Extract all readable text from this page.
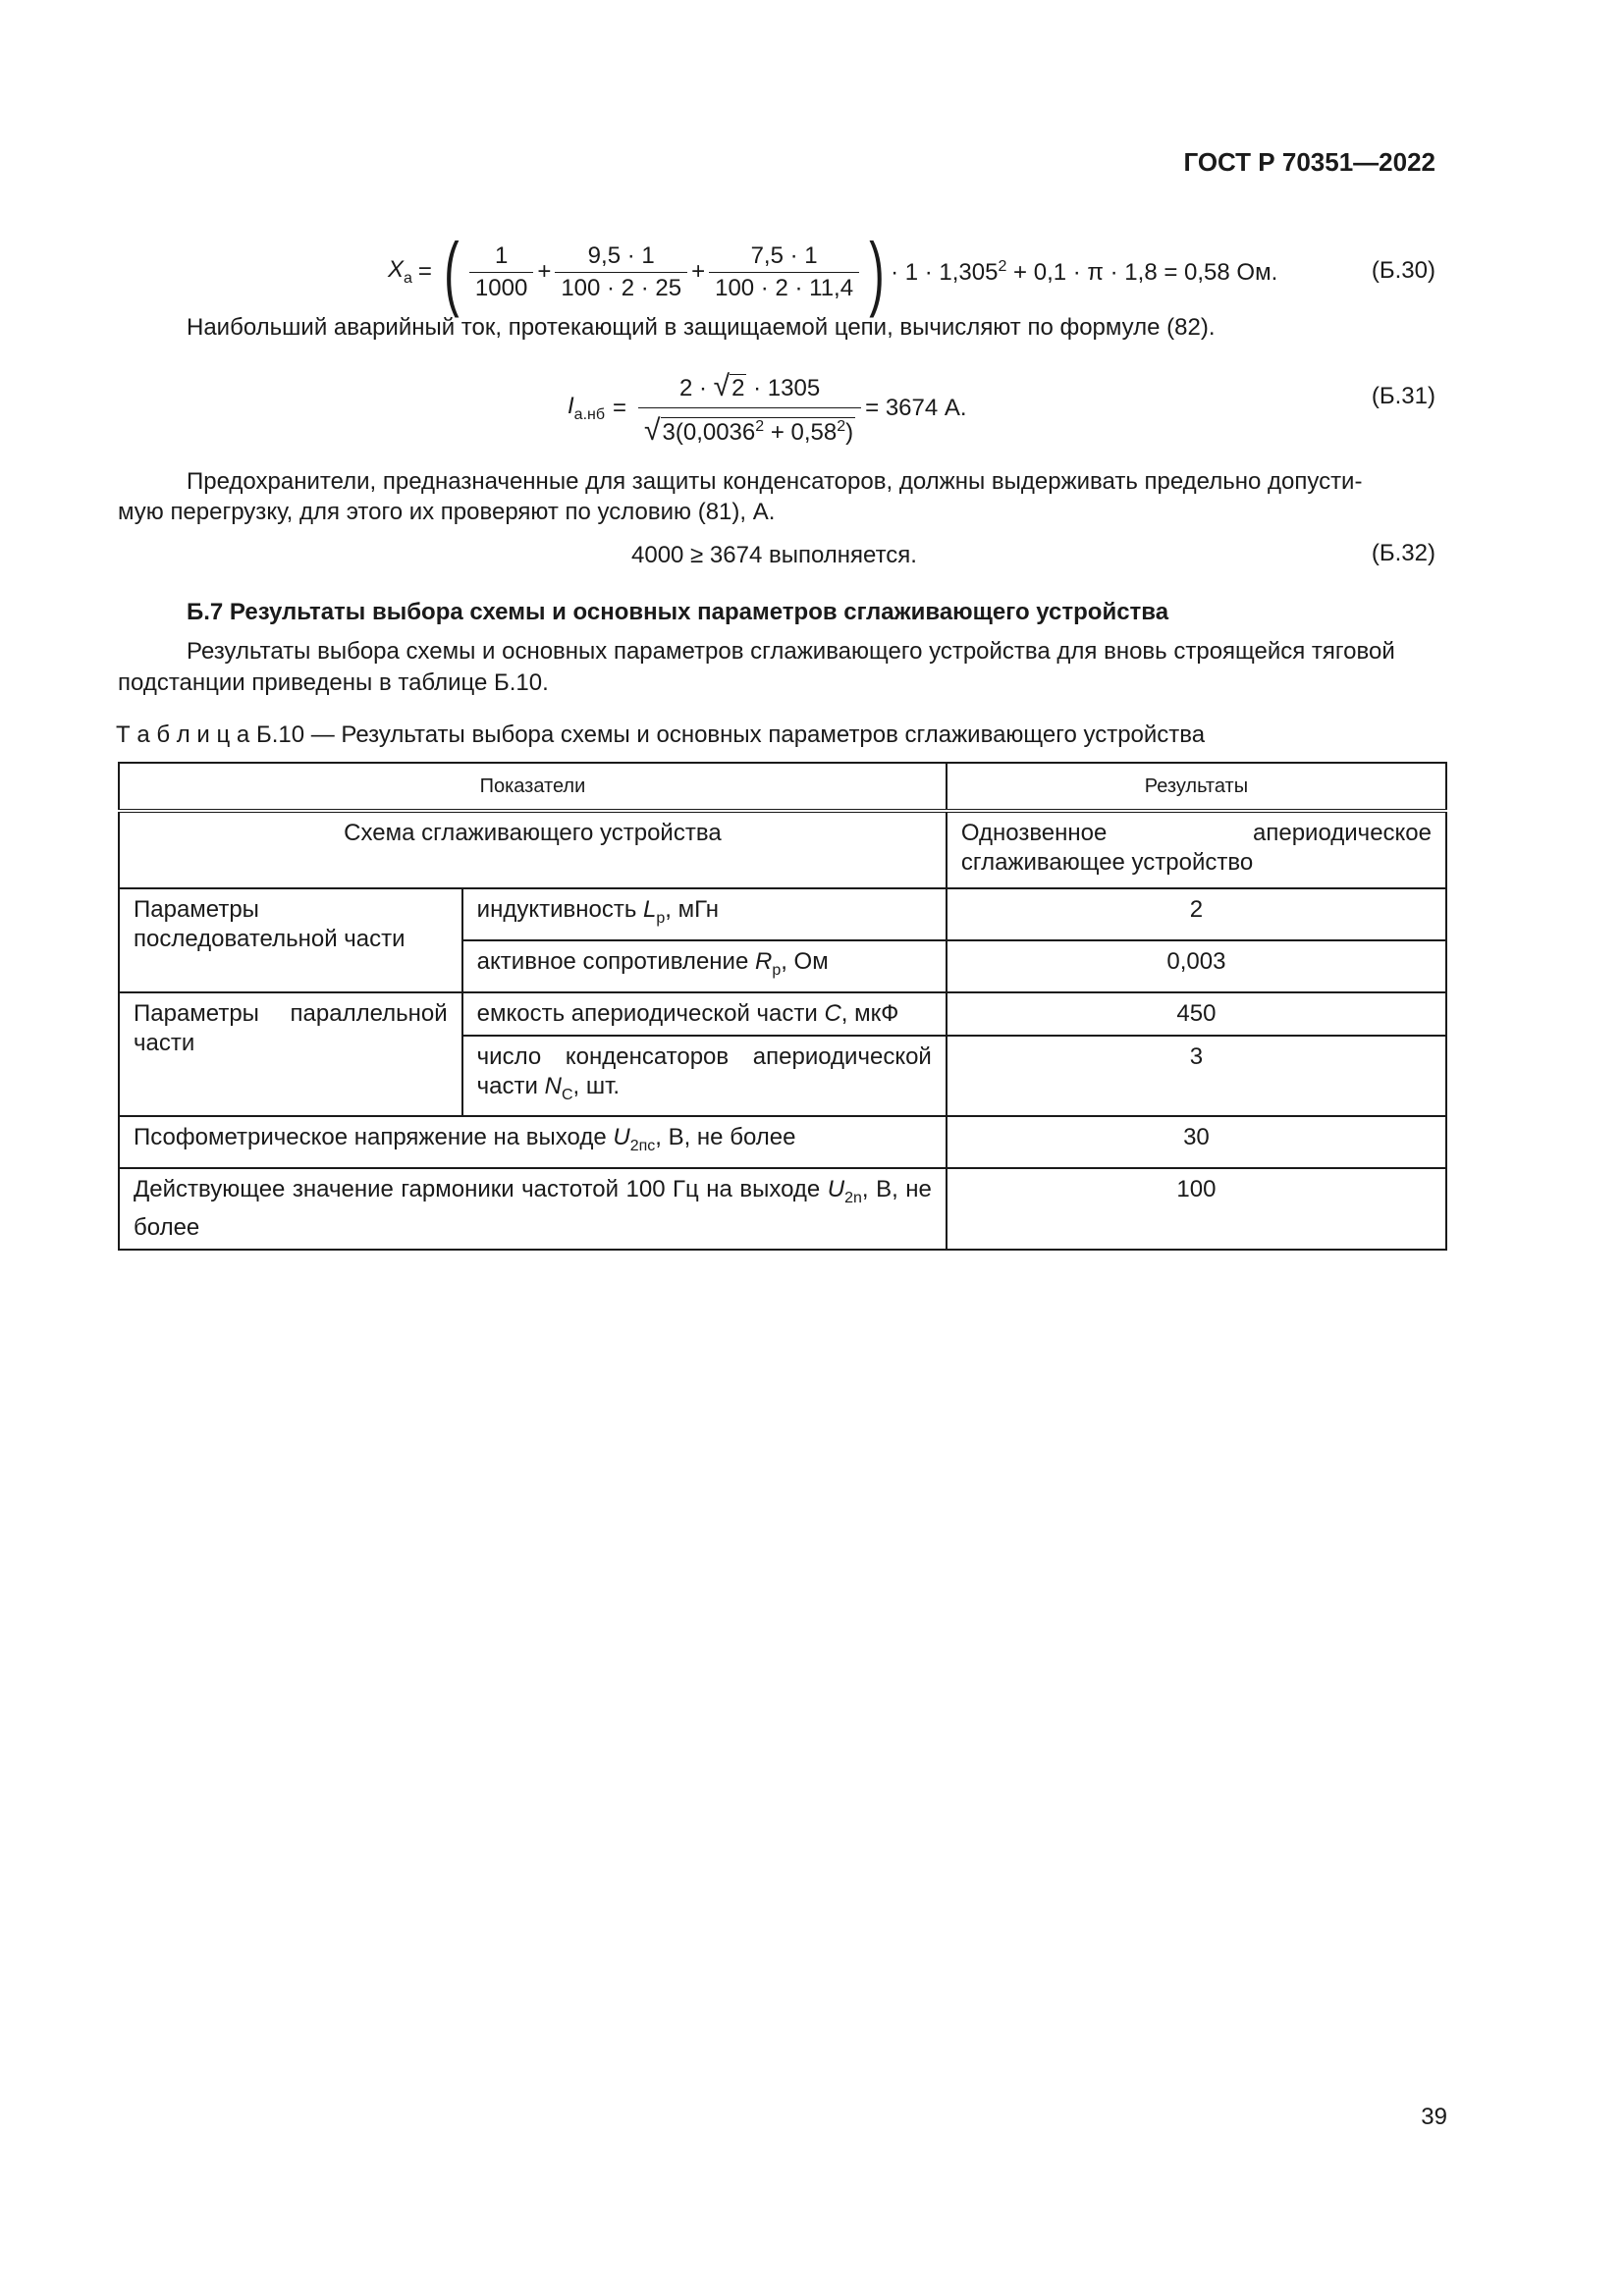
ГОСТ Р 70351—2022
$X_а$ = ( $\frac{1}{1000} + \frac{9,5 \cdot 1}{100 \cdot 2 \cdot 25} + \frac{7,5 \cdot 1}{100 \cdot 2 \cdot 11,4}$ ) · $1 \cdot 1,305^2 + 0,1 \cdot \pi \cdot 1,8 = 0,58$ Ом.	(Б.30)
Наибольший аварийный ток, протекающий в защищаемой цепи, вычисляют по формуле (82).
$I_{а.нб} = \frac{2 \cdot √2 \cdot 1305}{√3(0,0036^2 + 0,58^2)} = 3674$ А.	(Б.31)
Предохранители, предназначенные для защиты конденсаторов, должны выдерживать предельно допусти-
мую перегрузку, для этого их проверяют по условию (81), А.
4000 ≥ 3674 выполняется.	(Б.32)
Б.7 Результаты выбора схемы и основных параметров сглаживающего устройства
Результаты выбора схемы и основных параметров сглаживающего устройства для вновь строящейся тяговой
подстанции приведены в таблице Б.10.
Т а б л и ц а Б.10 — Результаты выбора схемы и основных параметров сглаживающего устройства
Показатели		Результаты
Схема сглаживающего устройства		Однозвенное апериодическое сглаживающее устройство
Параметры последовательной части	индуктивность $L_р$, мГн	2
	активное сопротивление $R_р$, Ом	0,003
Параметры параллельной части	емкость апериодической части C, мкФ	450
	число конденсаторов апериодической части $N_C$, шт.	3
Псофометрическое напряжение на выходе $U_{2пс}$, В, не более		30
Действующее значение гармоники частотой 100 Гц на выходе $U_{2n}$, В, не более		100
39
